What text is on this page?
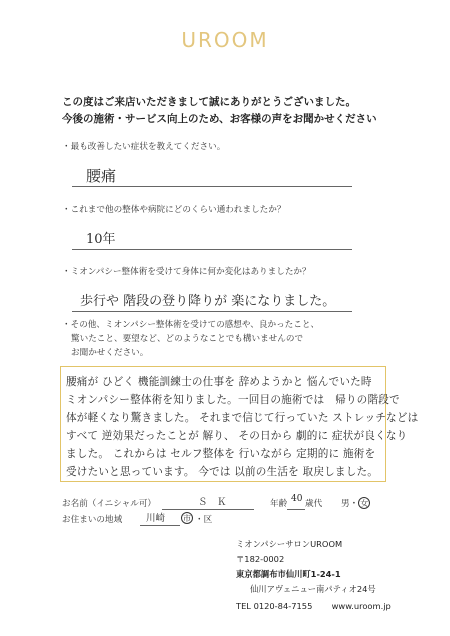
UROOM
この度はご来店いただきまして誠にありがとうございました。
今後の施術・サービス向上のため、お客様の声をお聞かせください
・最も改善したい症状を教えてください。
腰痛
・これまで他の整体や病院にどのくらい通われましたか？
10年
・ミオンパシー整体術を受けて身体に何か変化はありましたか？
歩行や 階段の登り降りが 楽になりました。
・その他、ミオンパシー整体術を受けての感想や、良かったこと、
驚いたこと、要望など、どのようなことでも構いませんので
お聞かせください。
腰痛が ひどく 機能訓練士の仕事を 辞めようかと 悩んでいた時
ミオンパシー整体術を知りました。一回目の施術では　帰りの階段で
体が軽くなり驚きました。 それまで信じて行っていた ストレッチなどは
すべて 逆効果だったことが 解り、 その日から 劇的に 症状が良くなり
ました。 これからは セルフ整体を 行いながら 定期的に 施術を
受けたいと思っています。 今では 以前の生活を 取戻しました。
お名前（イニシャル可）	Ｓ　Ｋ	年齢 40 歳代 男・ 女
お住まいの地域	川崎 市 ・区
ミオンパシーサロンUROOM
〒182-0002
東京都調布市仙川町1-24-1
仙川アヴェニュー南パティオ24号
TEL 0120-84-7155 www.uroom.jp
